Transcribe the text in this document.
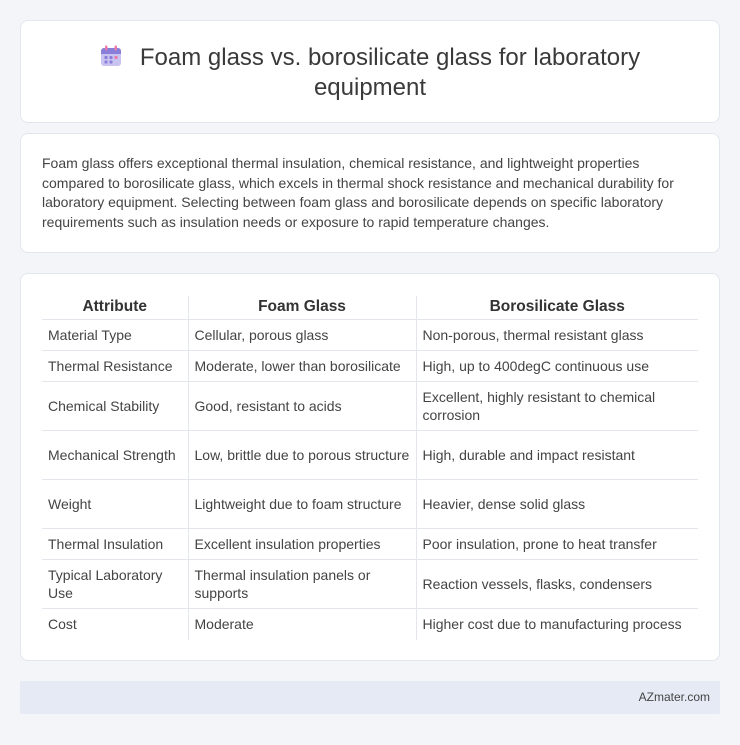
Foam glass vs. borosilicate glass for laboratory equipment

Foam glass offers exceptional thermal insulation, chemical resistance, and lightweight properties compared to borosilicate glass, which excels in thermal shock resistance and mechanical durability for laboratory equipment. Selecting between foam glass and borosilicate depends on specific laboratory requirements such as insulation needs or exposure to rapid temperature changes.

Attribute	Foam Glass	Borosilicate Glass
Material Type	Cellular, porous glass	Non-porous, thermal resistant glass
Thermal Resistance	Moderate, lower than borosilicate	High, up to 400degC continuous use
Chemical Stability	Good, resistant to acids	Excellent, highly resistant to chemical corrosion
Mechanical Strength	Low, brittle due to porous structure	High, durable and impact resistant
Weight	Lightweight due to foam structure	Heavier, dense solid glass
Thermal Insulation	Excellent insulation properties	Poor insulation, prone to heat transfer
Typical Laboratory Use	Thermal insulation panels or supports	Reaction vessels, flasks, condensers
Cost	Moderate	Higher cost due to manufacturing process
AZmater.com
